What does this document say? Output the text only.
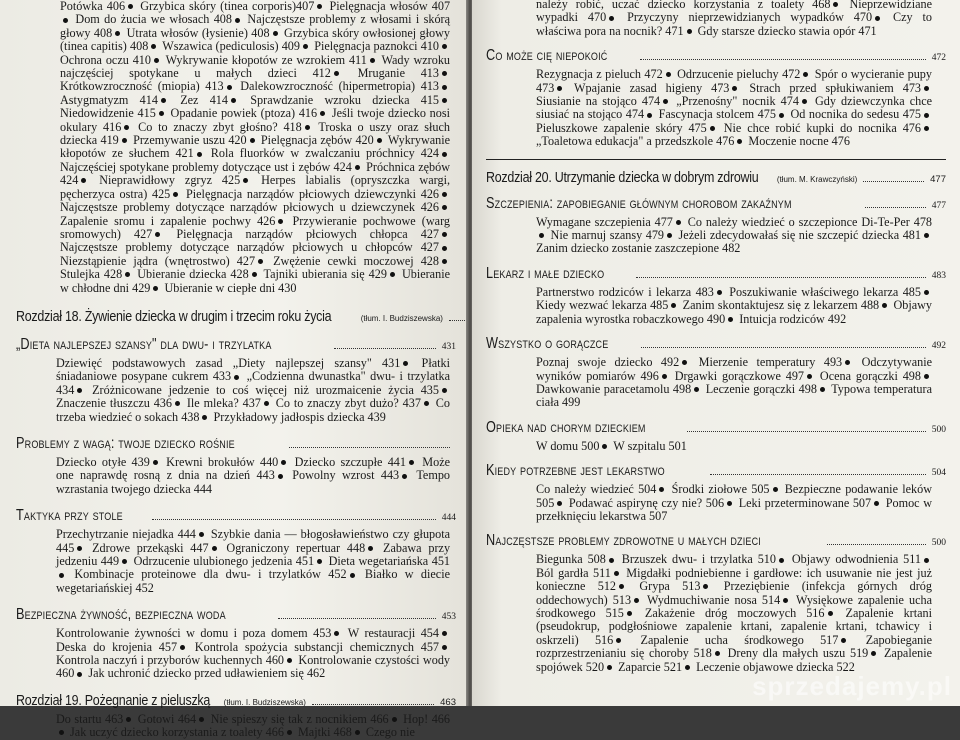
Potówka 406 Grzybica skóry (tinea corporis)407 Pielęgnacja włosów 407 Dom do żucia we włosach 408 Najczęstsze problemy z włosami i skórą głowy 408 Utrata włosów (łysienie) 408 Grzybica skóry owłosionej głowy (tinea capitis) 408 Wszawica (pediculosis) 409 Pielęgnacja paznokci 410 Ochrona oczu 410 Wykrywanie kłopotów ze wzrokiem 411 Wady wzroku najczęściej spotykane u małych dzieci 412 Mruganie 413 Krótkowzroczność (miopia) 413 Dalekowzroczność (hipermetropia) 413 Astygmatyzm 414 Zez 414 Sprawdzanie wzroku dziecka 415 Niedowidzenie 415 Opadanie powiek (ptoza) 416 Jeśli twoje dziecko nosi okulary 416 Co to znaczy zbyt głośno? 418 Troska o uszy oraz słuch dziecka 419 Przemywanie uszu 420 Pielęgnacja zębów 420 Wykrywanie kłopotów ze słuchem 421 Rola fluorków w zwalczaniu próchnicy 424 Najczęściej spotykane problemy dotyczące ust i zębów 424 Próchnica zębów 424 Nieprawidłowy zgryz 425 Herpes labialis (opryszczka wargi, pęcherzyca ostra) 425 Pielęgnacja narządów płciowych dziewczynki 426 Najczęstsze problemy dotyczące narządów płciowych u dziewczynek 426 Zapalenie sromu i zapalenie pochwy 426 Przywieranie pochwowe (warg sromowych) 427 Pielęgnacja narządów płciowych chłopca 427 Najczęstsze problemy dotyczące narządów płciowych u chłopców 427 Niezstąpienie jądra (wnętrostwo) 427 Zwężenie cewki moczowej 428 Stulejka 428 Ubieranie dziecka 428 Tajniki ubierania się 429 Ubieranie w chłodne dni 429 Ubieranie w ciepłe dni 430

Rozdział 18. Żywienie dziecka w drugim i trzecim roku życia	(tłum. I. Budziszewska)
„Dieta najlepszej szansy" dla dwu- i trzylatka	431

Dziewięć podstawowych zasad „Diety najlepszej szansy" 431 Płatki śniadaniowe posypane cukrem 433 „Codzienna dwunastka" dwu- i trzylatka 434 Zróżnicowane jedzenie to coś więcej niż urozmaicenie życia 435 Znaczenie tłuszczu 436 Ile mleka? 437 Co to znaczy zbyt dużo? 437 Co trzeba wiedzieć o sokach 438 Przykładowy jadłospis dziecka 439

Problemy z wagą: twoje dziecko rośnie

Dziecko otyłe 439 Krewni brokułów 440 Dziecko szczupłe 441 Może one naprawdę rosną z dnia na dzień 443 Powolny wzrost 443 Tempo wzrastania twojego dziecka 444

Taktyka przy stole	444

Przechytrzanie niejadka 444 Szybkie dania — błogosławieństwo czy głupota 445 Zdrowe przekąski 447 Ograniczony repertuar 448 Zabawa przy jedzeniu 449 Odrzucenie ulubionego jedzenia 451 Dieta wegetariańska 451 Kombinacje proteinowe dla dwu- i trzylatków 452 Białko w diecie wegetariańskiej 452

Bezpieczna żywność, bezpieczna woda	453

Kontrolowanie żywności w domu i poza domem 453 W restauracji 454 Deska do krojenia 457 Kontrola spożycia substancji chemicznych 457 Kontrola naczyń i przyborów kuchennych 460 Kontrolowanie czystości wody 460 Jak uchronić dziecko przed udławieniem się 462

Rozdział 19. Pożegnanie z pieluszką (tłum. I. Budziszewska)	463

Do startu 463 Gotowi 464 Nie spieszy się tak z nocnikiem 466 Hop! 466 Jak uczyć dziecko korzystania z toalety 466 Majtki 468 Czego nie

należy robić, uczać dziecko korzystania z toalety 468 Nieprzewidziane wypadki 470 Przyczyny nieprzewidzianych wypadków 470 Czy to właściwa pora na nocnik? 471 Gdy starsze dziecko stawia opór 471

Co może cię niepokoić	472

Rezygnacja z pieluch 472 Odrzucenie pieluchy 472 Spór o wycieranie pupy 473 Wpajanie zasad higieny 473 Strach przed spłukiwaniem 473 Siusianie na stojąco 474 „Przenośny" nocnik 474 Gdy dziewczynka chce siusiać na stojąco 474 Fascynacja stolcem 475 Od nocnika do sedesu 475 Pieluszkowe zapalenie skóry 475 Nie chce robić kupki do nocnika 476 „Toaletowa edukacja" a przedszkole 476 Moczenie nocne 476

Rozdział 20. Utrzymanie dziecka w dobrym zdrowiu (tłum. M. Krawczyński)	477
Szczepienia: zapobieganie głównym chorobom zakaźnym	477

Wymagane szczepienia 477 Co należy wiedzieć o szczepionce Di-Te-Per 478 Nie marnuj szansy 479 Jeżeli zdecydowałaś się nie szczepić dziecka 481 Zanim dziecko zostanie zaszczepione 482

Lekarz i małe dziecko	483

Partnerstwo rodziców i lekarza 483 Poszukiwanie właściwego lekarza 485 Kiedy wezwać lekarza 485 Zanim skontaktujesz się z lekarzem 488 Objawy zapalenia wyrostka robaczkowego 490 Intuicja rodziców 492

Wszystko o gorączce	492

Poznaj swoje dziecko 492 Mierzenie temperatury 493 Odczytywanie wyników pomiarów 496 Drgawki gorączkowe 497 Ocena gorączki 498 Dawkowanie paracetamolu 498 Leczenie gorączki 498 Typowa temperatura ciała 499

Opieka nad chorym dzieckiem	500

W domu 500 W szpitalu 501

Kiedy potrzebne jest lekarstwo	504

Co należy wiedzieć 504 Środki ziołowe 505 Bezpieczne podawanie leków 505 Podawać aspirynę czy nie? 506 Leki przeterminowane 507 Pomoc w przełknięciu lekarstwa 507

Najczęstsze problemy zdrowotne u małych dzieci	500

Biegunka 508 Brzuszek dwu- i trzylatka 510 Objawy odwodnienia 511 Ból gardła 511 Migdałki podniebienne i gardłowe: ich usuwanie nie jest już konieczne 512 Grypa 513 Przeziębienie (infekcja górnych dróg oddechowych) 513 Wydmuchiwanie nosa 514 Wysiękowe zapalenie ucha środkowego 515 Zakażenie dróg moczowych 516 Zapalenie krtani (pseudokrup, podgłośniowe zapalenie krtani, zapalenie krtani, tchawicy i oskrzeli) 516 Zapalenie ucha środkowego 517 Zapobieganie rozprzestrzenianiu się choroby 518 Dreny dla małych uszu 519 Zapalenie spojówek 520 Zaparcie 521 Leczenie objawowe dziecka 522

sprzedajemy.pl
